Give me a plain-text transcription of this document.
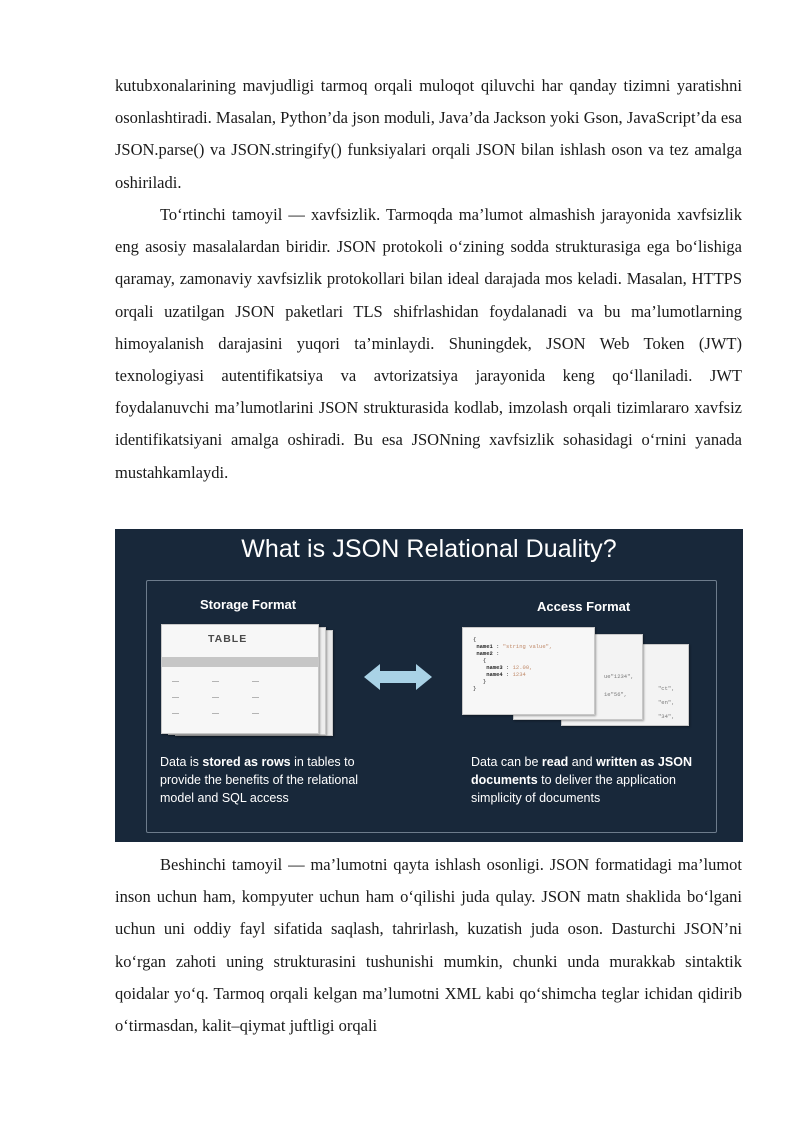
kutubxonalarining mavjudligi tarmoq orqali muloqot qiluvchi har qanday tizimni yaratishni osonlashtiradi. Masalan, Python’da json moduli, Java’da Jackson yoki Gson, JavaScript’da esa JSON.parse() va JSON.stringify() funksiyalari orqali JSON bilan ishlash oson va tez amalga oshiriladi.

To‘rtinchi tamoyil — xavfsizlik. Tarmoqda ma’lumot almashish jarayonida xavfsizlik eng asosiy masalalardan biridir. JSON protokoli o‘zining sodda strukturasiga ega bo‘lishiga qaramay, zamonaviy xavfsizlik protokollari bilan ideal darajada mos keladi. Masalan, HTTPS orqali uzatilgan JSON paketlari TLS shifrlashidan foydalanadi va bu ma’lumotlarning himoyalanish darajasini yuqori ta’minlaydi. Shuningdek, JSON Web Token (JWT) texnologiyasi autentifikatsiya va avtorizatsiya jarayonida keng qo‘llaniladi. JWT foydalanuvchi ma’lumotlarini JSON strukturasida kodlab, imzolash orqali tizimlararo xavfsiz identifikatsiyani amalga oshiradi. Bu esa JSONning xavfsizlik sohasidagi o‘rnini yanada mustahkamlaydi.

What is JSON Relational Duality?
Storage Format	Access Format
TABLE
"ct",
"en",
"34",
ue"1234",
1e"56",
{
name1 : "string value",
name2 :
{
name3 : 12.00,
name4 : 1234
}
}
Data is stored as rows in tables to provide the benefits of the relational model and SQL access
Data can be read and written as JSON documents to deliver the application simplicity of documents

Beshinchi tamoyil — ma’lumotni qayta ishlash osonligi. JSON formatidagi ma’lumot inson uchun ham, kompyuter uchun ham o‘qilishi juda qulay. JSON matn shaklida bo‘lgani uchun uni oddiy fayl sifatida saqlash, tahrirlash, kuzatish juda oson. Dasturchi JSON’ni ko‘rgan zahoti uning strukturasini tushunishi mumkin, chunki unda murakkab sintaktik qoidalar yo‘q. Tarmoq orqali kelgan ma’lumotni XML kabi qo‘shimcha teglar ichidan qidirib o‘tirmasdan, kalit–qiymat juftligi orqali
